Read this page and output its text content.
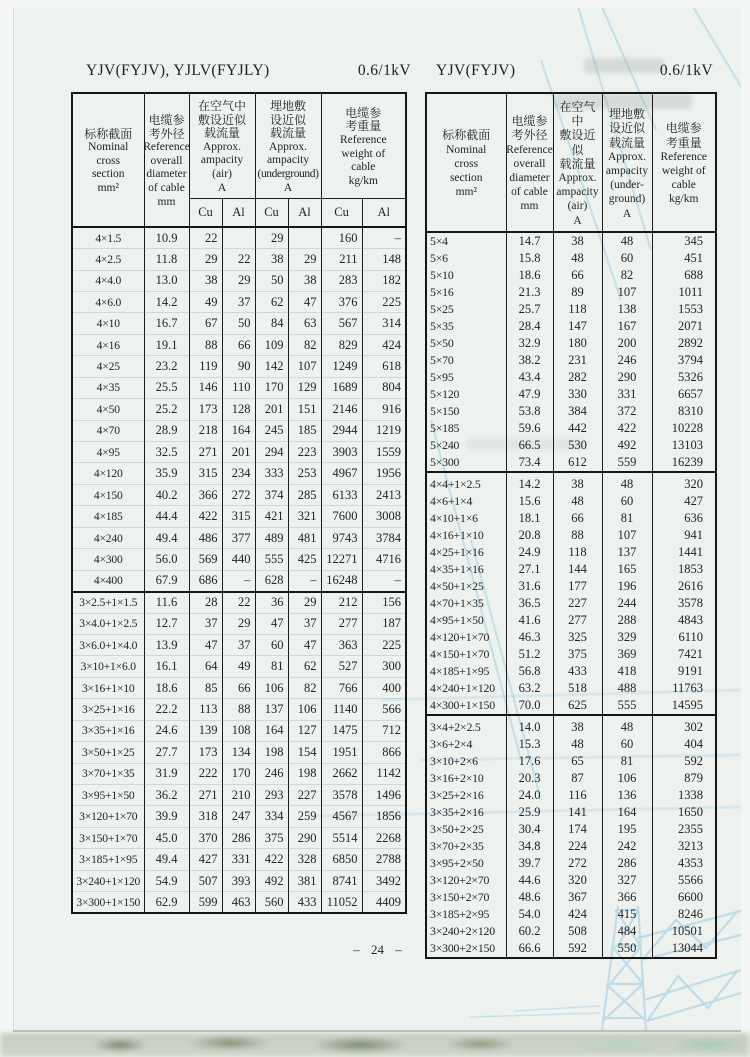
YJV(FYJV), YJLV(FYJLY)	0.6/1kV YJV(FYJV)	0.6/1kV
标称截面
Nominal
cross
section
mm²

电缆参
考外径
Reference
overall
diameter
of cable
mm

在空气中
敷设近似
载流量
Approx.
ampacity
(air)
A

埋地敷
设近似
载流量
Approx.
ampacity
(underground)
A

电缆参
考重量
Reference
weight of
cable
kg/km

		Cu	Al	Cu	Al	Cu	Al
4×1.5	10.9	22		29		160	–
4×2.5	11.8	29	22	38	29	211	148
4×4.0	13.0	38	29	50	38	283	182
4×6.0	14.2	49	37	62	47	376	225
4×10	16.7	67	50	84	63	567	314
4×16	19.1	88	66	109	82	829	424
4×25	23.2	119	90	142	107	1249	618
4×35	25.5	146	110	170	129	1689	804
4×50	25.2	173	128	201	151	2146	916
4×70	28.9	218	164	245	185	2944	1219
4×95	32.5	271	201	294	223	3903	1559
4×120	35.9	315	234	333	253	4967	1956
4×150	40.2	366	272	374	285	6133	2413
4×185	44.4	422	315	421	321	7600	3008
4×240	49.4	486	377	489	481	9743	3784
4×300	56.0	569	440	555	425	12271	4716
4×400	67.9	686	–	628	–	16248	–
3×2.5+1×1.5	11.6	28	22	36	29	212	156
3×4.0+1×2.5	12.7	37	29	47	37	277	187
3×6.0+1×4.0	13.9	47	37	60	47	363	225
3×10+1×6.0	16.1	64	49	81	62	527	300
3×16+1×10	18.6	85	66	106	82	766	400
3×25+1×16	22.2	113	88	137	106	1140	566
3×35+1×16	24.6	139	108	164	127	1475	712
3×50+1×25	27.7	173	134	198	154	1951	866
3×70+1×35	31.9	222	170	246	198	2662	1142
3×95+1×50	36.2	271	210	293	227	3578	1496
3×120+1×70	39.9	318	247	334	259	4567	1856
3×150+1×70	45.0	370	286	375	290	5514	2268
3×185+1×95	49.4	427	331	422	328	6850	2788
3×240+1×120	54.9	507	393	492	381	8741	3492
3×300+1×150	62.9	599	463	560	433	11052	4409
标称截面
Nominal
cross
section
mm²

电缆参
考外径
Reference
overall
diameter
of cable
mm

在空气中
敷设近似
载流量
Approx.
ampacity
(air)
A

埋地敷
设近似
载流量
Approx.
ampacity
(under-
ground)
A

电缆参
考重量
Reference
weight of
cable
kg/km

5×4	14.7	38	48	345
5×6	15.8	48	60	451
5×10	18.6	66	82	688
5×16	21.3	89	107	1011
5×25	25.7	118	138	1553
5×35	28.4	147	167	2071
5×50	32.9	180	200	2892
5×70	38.2	231	246	3794
5×95	43.4	282	290	5326
5×120	47.9	330	331	6657
5×150	53.8	384	372	8310
5×185	59.6	442	422	10228
5×240	66.5	530	492	13103
5×300	73.4	612	559	16239
4×4+1×2.5	14.2	38	48	320
4×6+1×4	15.6	48	60	427
4×10+1×6	18.1	66	81	636
4×16+1×10	20.8	88	107	941
4×25+1×16	24.9	118	137	1441
4×35+1×16	27.1	144	165	1853
4×50+1×25	31.6	177	196	2616
4×70+1×35	36.5	227	244	3578
4×95+1×50	41.6	277	288	4843
4×120+1×70	46.3	325	329	6110
4×150+1×70	51.2	375	369	7421
4×185+1×95	56.8	433	418	9191
4×240+1×120	63.2	518	488	11763
4×300+1×150	70.0	625	555	14595
3×4+2×2.5	14.0	38	48	302
3×6+2×4	15.3	48	60	404
3×10+2×6	17.6	65	81	592
3×16+2×10	20.3	87	106	879
3×25+2×16	24.0	116	136	1338
3×35+2×16	25.9	141	164	1650
3×50+2×25	30.4	174	195	2355
3×70+2×35	34.8	224	242	3213
3×95+2×50	39.7	272	286	4353
3×120+2×70	44.6	320	327	5566
3×150+2×70	48.6	367	366	6600
3×185+2×95	54.0	424	415	8246
3×240+2×120	60.2	508	484	10501
3×300+2×150	66.6	592	550	13044
– 24 –
